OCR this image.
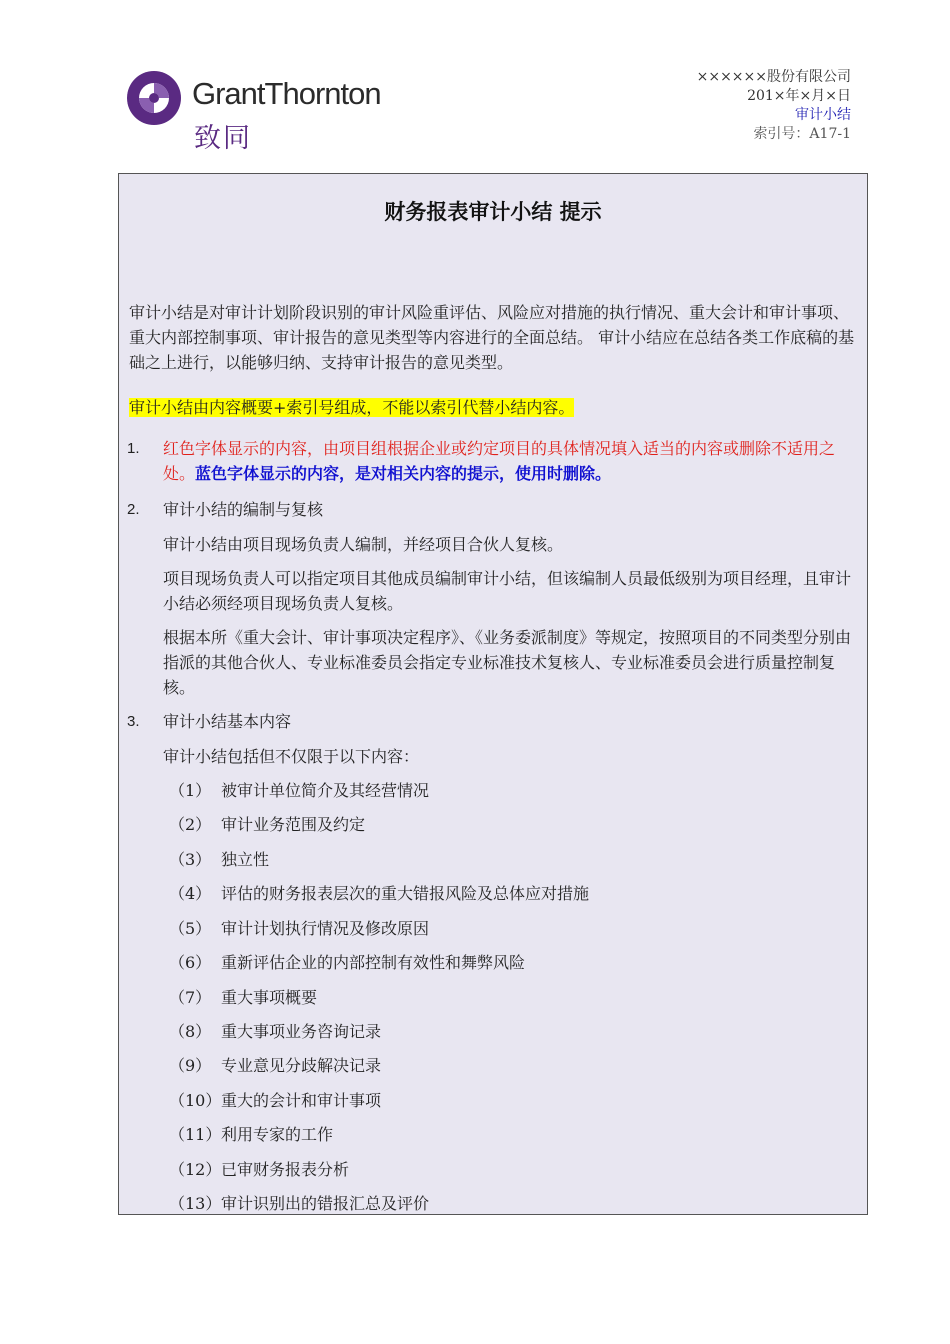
GrantThornton
致同
××××××股份有限公司
201×年×月×日
审计小结
索引号：A17-1
财务报表审计小结 提示
审计小结是对审计计划阶段识别的审计风险重评估、风险应对措施的执行情况、重大会计和审计事项、重大内部控制事项、审计报告的意见类型等内容进行的全面总结。 审计小结应在总结各类工作底稿的基础之上进行，以能够归纳、支持审计报告的意见类型。
审计小结由内容概要+索引号组成，不能以索引代替小结内容。
1. 红色字体显示的内容，由项目组根据企业或约定项目的具体情况填入适当的内容或删除不适用之处。蓝色字体显示的内容，是对相关内容的提示，使用时删除。
2. 审计小结的编制与复核
审计小结由项目现场负责人编制，并经项目合伙人复核。
项目现场负责人可以指定项目其他成员编制审计小结，但该编制人员最低级别为项目经理，且审计小结必须经项目现场负责人复核。
根据本所《重大会计、审计事项决定程序》、《业务委派制度》等规定，按照项目的不同类型分别由指派的其他合伙人、专业标准委员会指定专业标准技术复核人、专业标准委员会进行质量控制复核。
3. 审计小结基本内容
审计小结包括但不仅限于以下内容：
（1） 被审计单位简介及其经营情况
（2） 审计业务范围及约定
（3） 独立性
（4） 评估的财务报表层次的重大错报风险及总体应对措施
（5） 审计计划执行情况及修改原因
（6） 重新评估企业的内部控制有效性和舞弊风险
（7） 重大事项概要
（8） 重大事项业务咨询记录
（9） 专业意见分歧解决记录
（10）重大的会计和审计事项
（11）利用专家的工作
（12）已审财务报表分析
（13）审计识别出的错报汇总及评价
